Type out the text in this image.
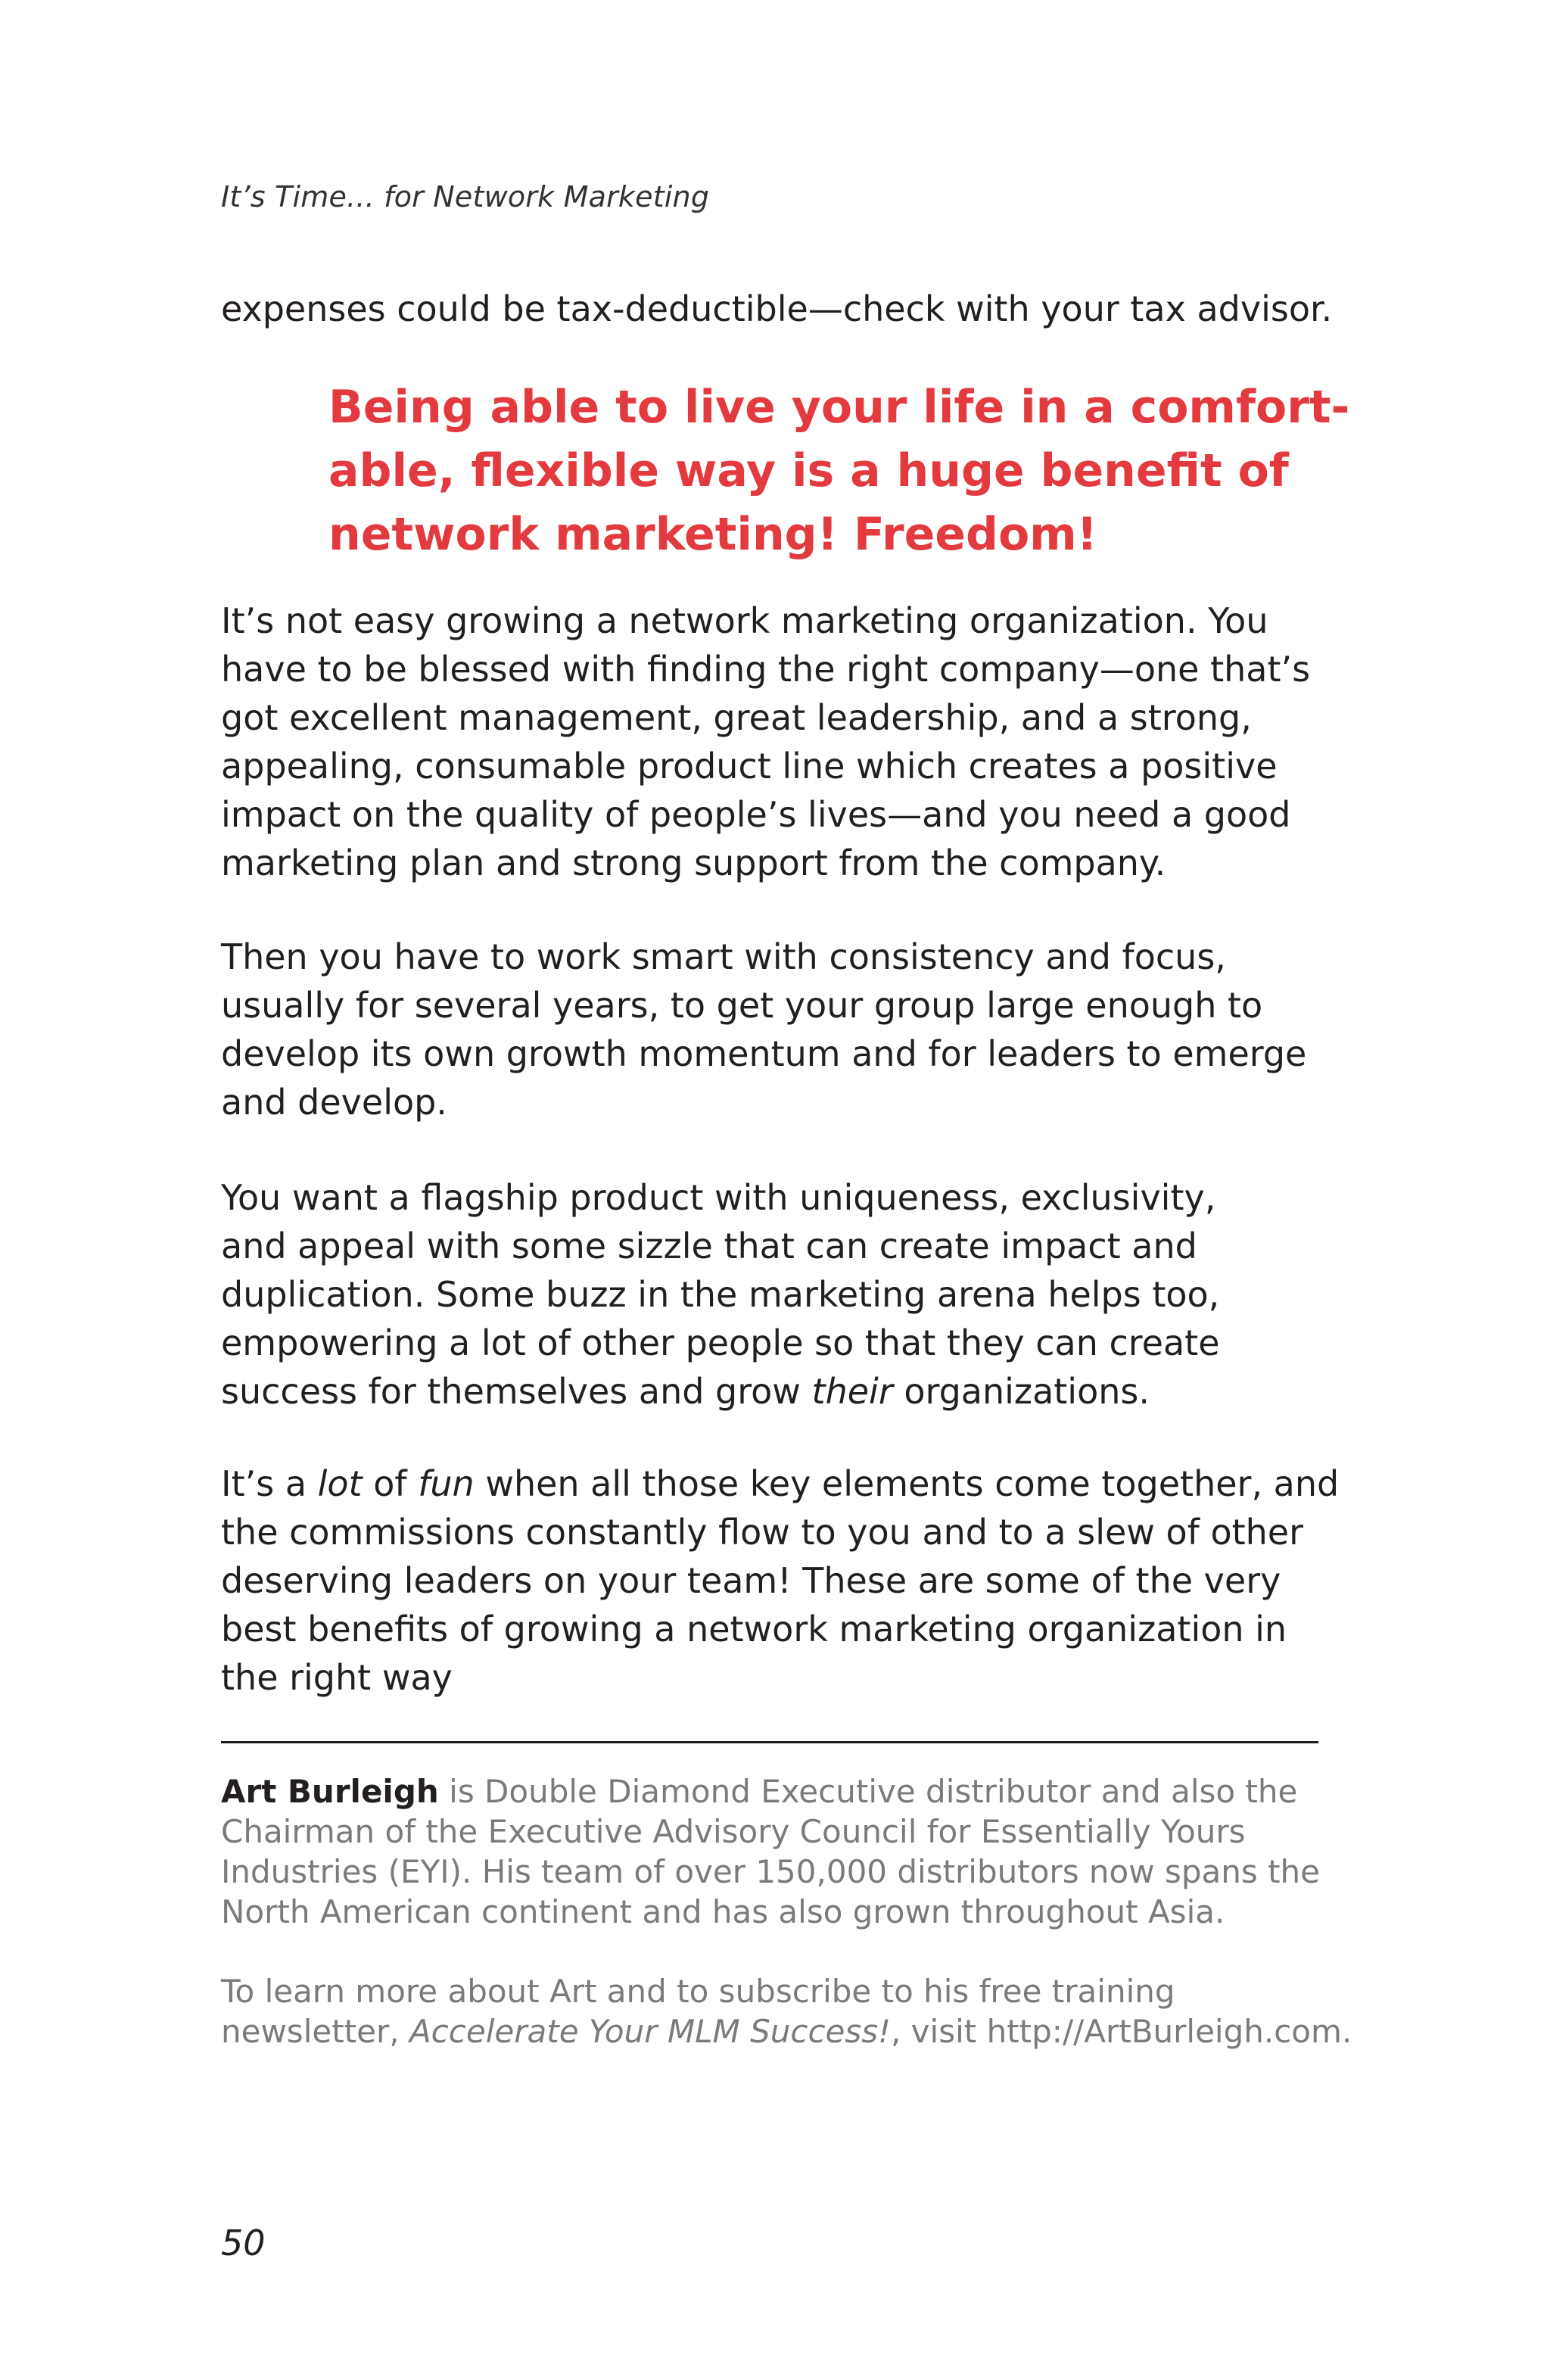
It’s Time... for Network Marketing
expenses could be tax-deductible—check with your tax advisor.
Being able to live your life in a comfort-
able, flexible way is a huge benefit of
network marketing! Freedom!
It’s not easy growing a network marketing organization. You
have to be blessed with finding the right company—one that’s
got excellent management, great leadership, and a strong,
appealing, consumable product line which creates a positive
impact on the quality of people’s lives—and you need a good
marketing plan and strong support from the company.
Then you have to work smart with consistency and focus,
usually for several years, to get your group large enough to
develop its own growth momentum and for leaders to emerge
and develop.
You want a flagship product with uniqueness, exclusivity,
and appeal with some sizzle that can create impact and
duplication. Some buzz in the marketing arena helps too,
empowering a lot of other people so that they can create
success for themselves and grow their organizations.
It’s a lot of fun when all those key elements come together, and
the commissions constantly flow to you and to a slew of other
deserving leaders on your team! These are some of the very
best benefits of growing a network marketing organization in
the right way
Art Burleigh is Double Diamond Executive distributor and also the
Chairman of the Executive Advisory Council for Essentially Yours
Industries (EYI). His team of over 150,000 distributors now spans the
North American continent and has also grown throughout Asia.
To learn more about Art and to subscribe to his free training
newsletter, Accelerate Your MLM Success!, visit http://ArtBurleigh.com.
50
